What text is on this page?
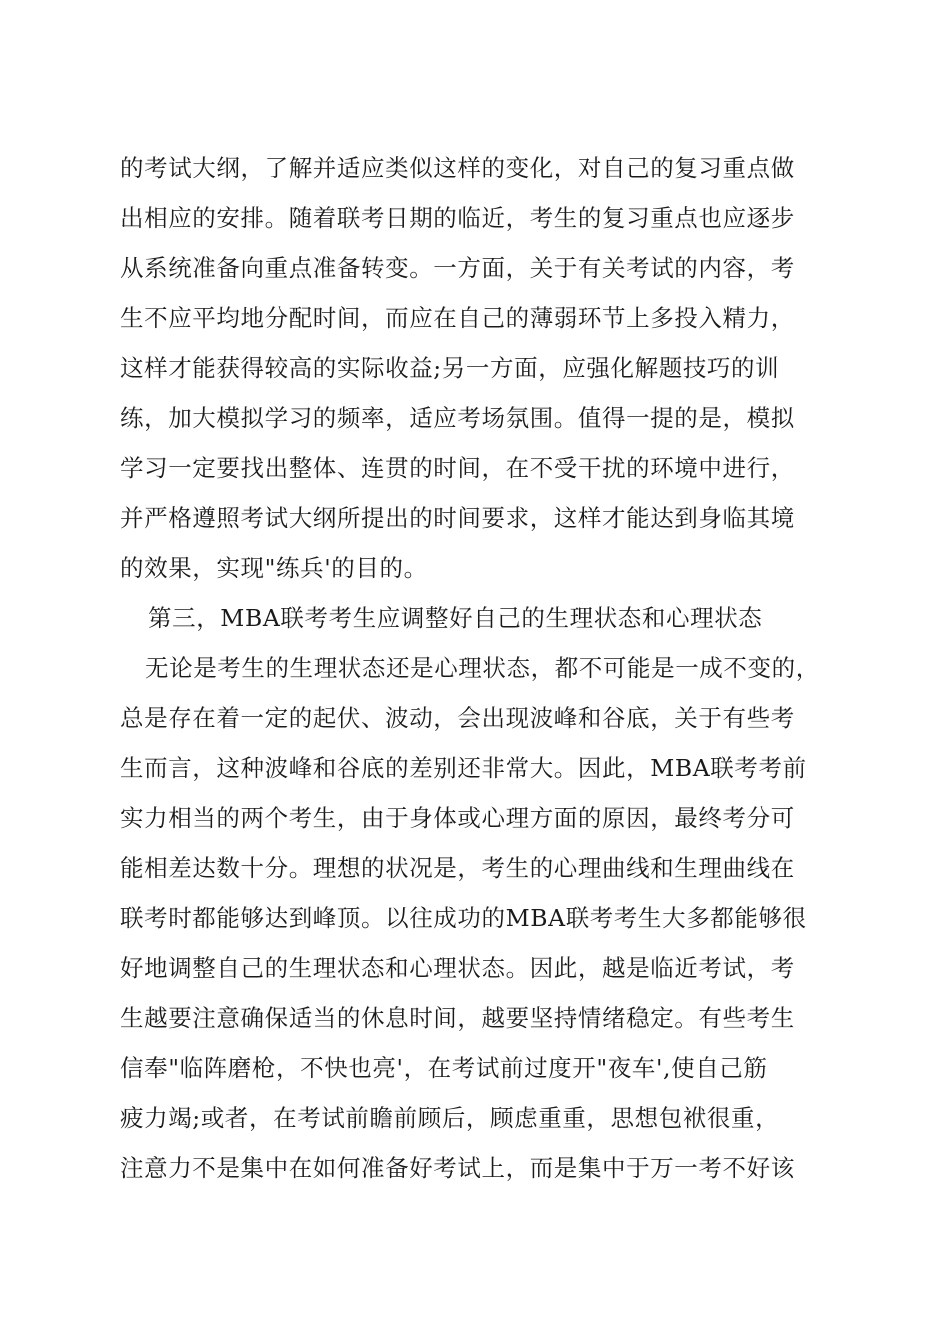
的考试大纲，了解并适应类似这样的变化，对自己的复习重点做
出相应的安排。随着联考日期的临近，考生的复习重点也应逐步
从系统准备向重点准备转变。一方面，关于有关考试的内容，考
生不应平均地分配时间，而应在自己的薄弱环节上多投入精力，
这样才能获得较高的实际收益;另一方面，应强化解题技巧的训
练，加大模拟学习的频率，适应考场氛围。值得一提的是，模拟
学习一定要找出整体、连贯的时间，在不受干扰的环境中进行，
并严格遵照考试大纲所提出的时间要求，这样才能达到身临其境
的效果，实现"练兵'的目的。
第三，MBA联考考生应调整好自己的生理状态和心理状态
无论是考生的生理状态还是心理状态，都不可能是一成不变的，
总是存在着一定的起伏、波动，会出现波峰和谷底，关于有些考
生而言，这种波峰和谷底的差别还非常大。因此，MBA联考考前
实力相当的两个考生，由于身体或心理方面的原因，最终考分可
能相差达数十分。理想的状况是，考生的心理曲线和生理曲线在
联考时都能够达到峰顶。以往成功的MBA联考考生大多都能够很
好地调整自己的生理状态和心理状态。因此，越是临近考试，考
生越要注意确保适当的休息时间，越要坚持情绪稳定。有些考生
信奉"临阵磨枪，不快也亮'，在考试前过度开"夜车',使自己筋
疲力竭;或者，在考试前瞻前顾后，顾虑重重，思想包袱很重，
注意力不是集中在如何准备好考试上，而是集中于万一考不好该
